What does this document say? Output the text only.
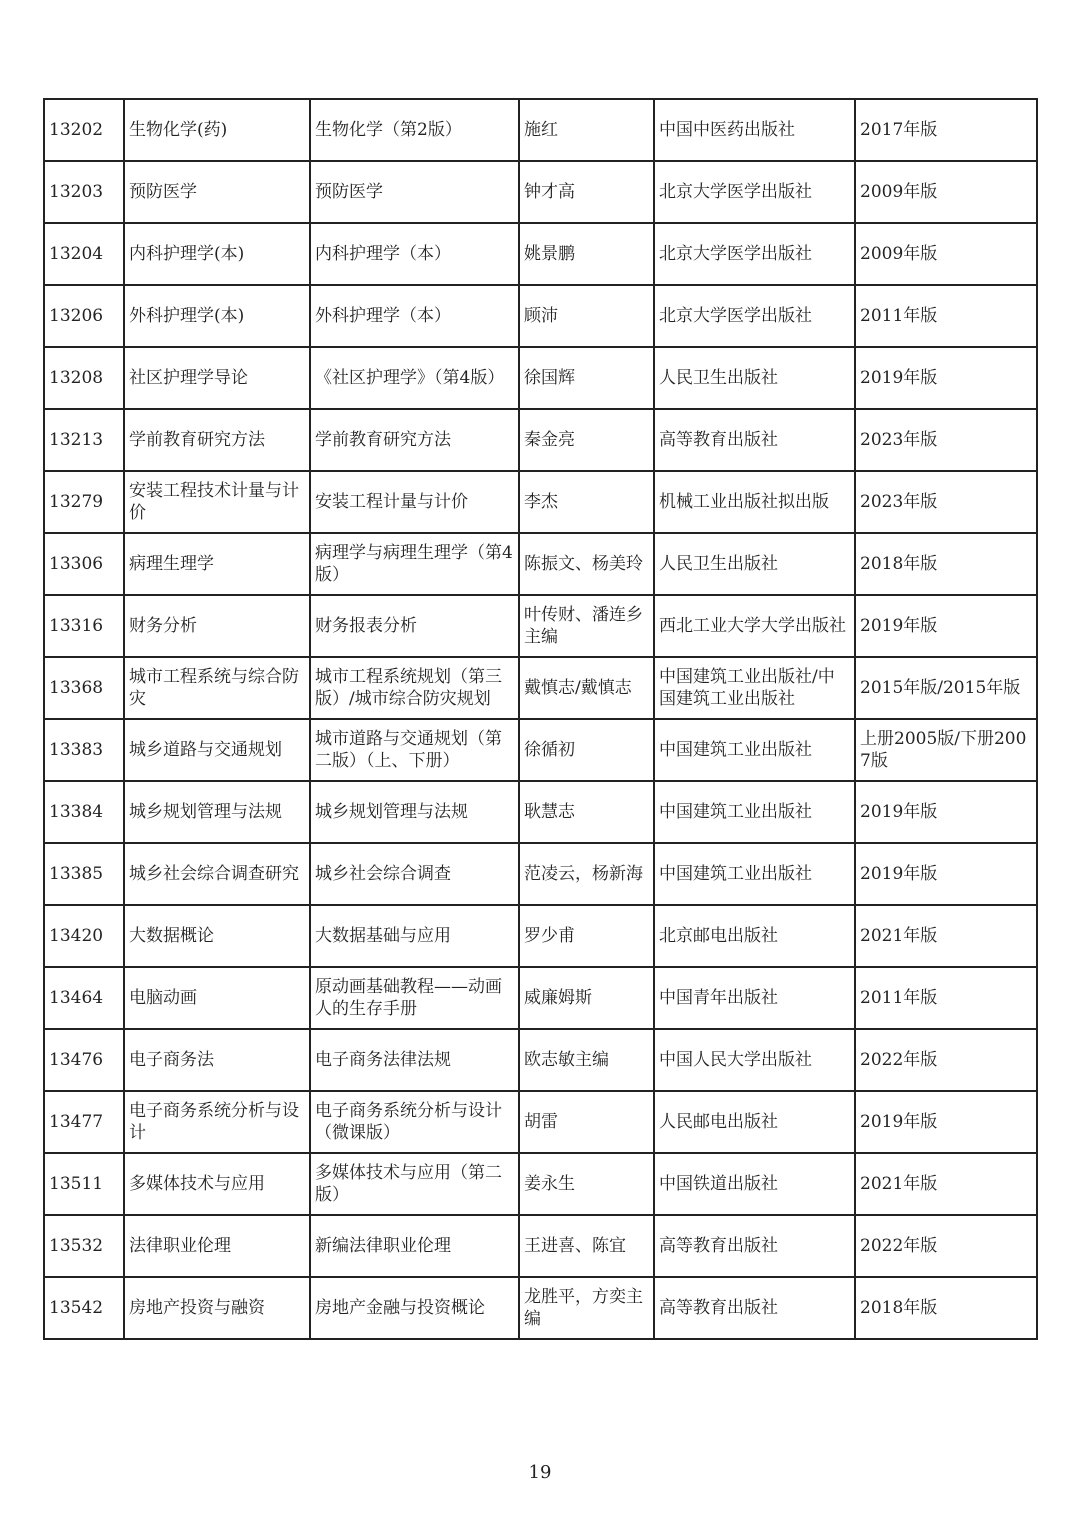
13202	生物化学(药)	生物化学（第2版）	施红	中国中医药出版社	2017年版
13203	预防医学	预防医学	钟才高	北京大学医学出版社	2009年版
13204	内科护理学(本)	内科护理学（本）	姚景鹏	北京大学医学出版社	2009年版
13206	外科护理学(本)	外科护理学（本）	顾沛	北京大学医学出版社	2011年版
13208	社区护理学导论	《社区护理学》（第4版）	徐国辉	人民卫生出版社	2019年版
13213	学前教育研究方法	学前教育研究方法	秦金亮	高等教育出版社	2023年版
13279	安装工程技术计量与计价	安装工程计量与计价	李杰	机械工业出版社拟出版	2023年版
13306	病理生理学	病理学与病理生理学（第4版）	陈振文、杨美玲	人民卫生出版社	2018年版
13316	财务分析	财务报表分析	叶传财、潘连乡主编	西北工业大学大学出版社	2019年版
13368	城市工程系统与综合防灾	城市工程系统规划（第三版）/城市综合防灾规划	戴慎志/戴慎志	中国建筑工业出版社/中国建筑工业出版社	2015年版/2015年版
13383	城乡道路与交通规划	城市道路与交通规划（第二版）（上、下册）	徐循初	中国建筑工业出版社	上册2005版/下册2007版
13384	城乡规划管理与法规	城乡规划管理与法规	耿慧志	中国建筑工业出版社	2019年版
13385	城乡社会综合调查研究	城乡社会综合调查	范凌云，杨新海	中国建筑工业出版社	2019年版
13420	大数据概论	大数据基础与应用	罗少甫	北京邮电出版社	2021年版
13464	电脑动画	原动画基础教程——动画人的生存手册	威廉姆斯	中国青年出版社	2011年版
13476	电子商务法	电子商务法律法规	欧志敏主编	中国人民大学出版社	2022年版
13477	电子商务系统分析与设计	电子商务系统分析与设计（微课版）	胡雷	人民邮电出版社	2019年版
13511	多媒体技术与应用	多媒体技术与应用（第二版）	姜永生	中国铁道出版社	2021年版
13532	法律职业伦理	新编法律职业伦理	王进喜、陈宜	高等教育出版社	2022年版
13542	房地产投资与融资	房地产金融与投资概论	龙胜平，方奕主编	高等教育出版社	2018年版
19
